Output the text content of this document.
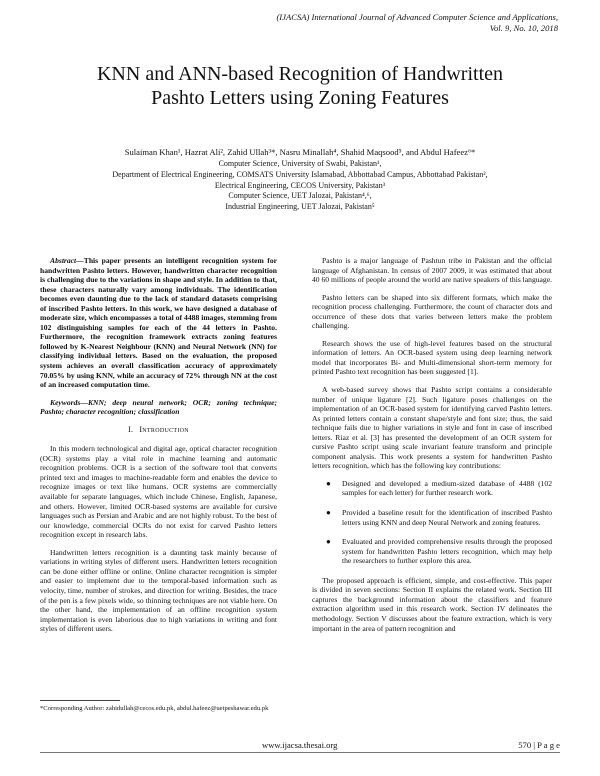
(IJACSA) International Journal of Advanced Computer Science and Applications,
Vol. 9, No. 10, 2018
KNN and ANN-based Recognition of Handwritten
Pashto Letters using Zoning Features
Sulaiman Khan¹, Hazrat Ali², Zahid Ullah³*, Nasru Minallah⁴, Shahid Maqsood⁵, and Abdul Hafeez⁶*
Computer Science, University of Swabi, Pakistan¹,
Department of Electrical Engineering, COMSATS University Islamabad, Abbottabad Campus, Abbottabad Pakistan²,
Electrical Engineering, CECOS University, Pakistan³
Computer Science, UET Jalozai, Pakistan⁴,⁶,
Industrial Engineering, UET Jalozai, Pakistan⁵

Abstract—This paper presents an intelligent recognition system for handwritten Pashto letters. However, handwritten character recognition is challenging due to the variations in shape and style. In addition to that, these characters naturally vary among individuals. The identification becomes even daunting due to the lack of standard datasets comprising of inscribed Pashto letters. In this work, we have designed a database of moderate size, which encompasses a total of 4488 images, stemming from 102 distinguishing samples for each of the 44 letters in Pashto. Furthermore, the recognition framework extracts zoning features followed by K-Nearest Neighbour (KNN) and Neural Network (NN) for classifying individual letters. Based on the evaluation, the proposed system achieves an overall classification accuracy of approximately 70.05% by using KNN, while an accuracy of 72% through NN at the cost of an increased computation time.

Keywords—KNN; deep neural network; OCR; zoning technique; Pashto; character recognition; classification

I. Introduction

In this modern technological and digital age, optical character recognition (OCR) systems play a vital role in machine learning and automatic recognition problems. OCR is a section of the software tool that converts printed text and images to machine-readable form and enables the device to recognize images or text like humans. OCR systems are commercially available for separate languages, which include Chinese, English, Japanese, and others. However, limited OCR-based systems are available for cursive languages such as Persian and Arabic and are not highly robust. To the best of our knowledge, commercial OCRs do not exist for carved Pashto letters recognition except in research labs.

Handwritten letters recognition is a daunting task mainly because of variations in writing styles of different users. Handwritten letters recognition can be done either offline or online. Online character recognition is simpler and easier to implement due to the temporal-based information such as velocity, time, number of strokes, and direction for writing. Besides, the trace of the pen is a few pixels wide, so thinning techniques are not viable here. On the other hand, the implementation of an offline recognition system implementation is even laborious due to high variations in writing and font styles of different users.

Pashto is a major language of Pashtun tribe in Pakistan and the official language of Afghanistan. In census of 2007 2009, it was estimated that about 40 60 millions of people around the world are native speakers of this language.

Pashto letters can be shaped into six different formats, which make the recognition process challenging. Furthermore, the count of character dots and occurrence of these dots that varies between letters make the problem challenging.

Research shows the use of high-level features based on the structural information of letters. An OCR-based system using deep learning network model that incorporates Bi- and Multi-dimensional short-term memory for printed Pashto text recognition has been suggested [1].

A web-based survey shows that Pashto script contains a considerable number of unique ligature [2]. Such ligature poses challenges on the implementation of an OCR-based system for identifying carved Pashto letters. As printed letters contain a constant shape/style and font size; thus, the said technique fails due to higher variations in style and font in case of inscribed letters. Riaz et al. [3] has presented the development of an OCR system for cursive Pashto script using scale invariant feature transform and principle component analysis. This work presents a system for handwritten Pashto letters recognition, which has the following key contributions:

● Designed and developed a medium-sized database of 4488 (102 samples for each letter) for further research work.
● Provided a baseline result for the identification of inscribed Pashto letters using KNN and deep Neural Network and zoning features.
● Evaluated and provided comprehensive results through the proposed system for handwritten Pashto letters recognition, which may help the researchers to further explore this area.

The proposed approach is efficient, simple, and cost-effective. This paper is divided in seven sections: Section II explains the related work. Section III captures the background information about the classifiers and feature extraction algorithm used in this research work. Section IV delineates the methodology. Section V discusses about the feature extraction, which is very important in the area of pattern recognition and

*Corresponding Author: zahidullah@cecos.edu.pk, abdul.hafeez@uetpeshawar.edu.pk
www.ijacsa.thesai.org	570 | P a g e
